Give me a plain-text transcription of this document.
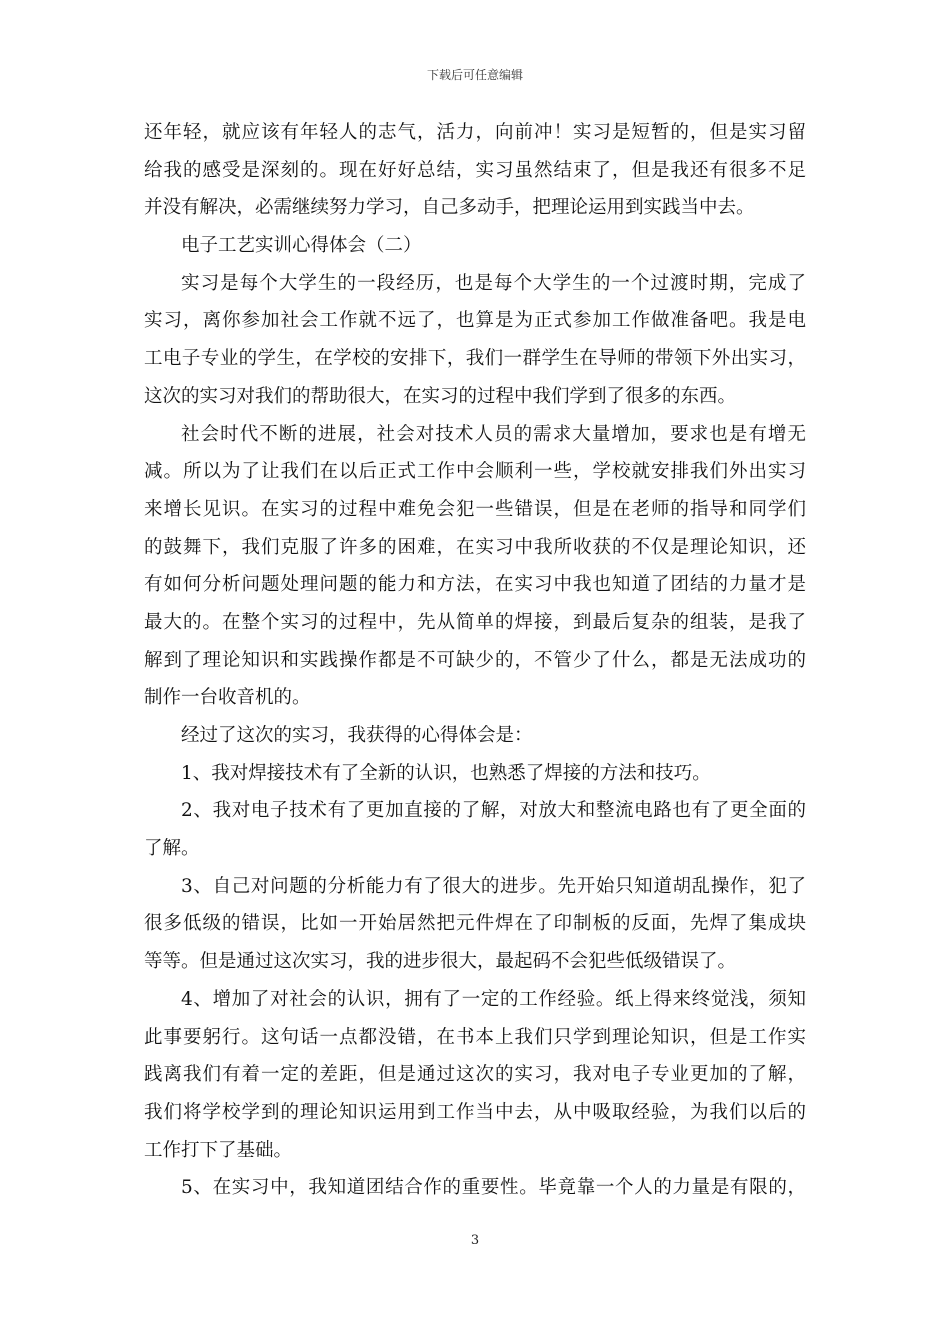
下载后可任意编辑
还年轻，就应该有年轻人的志气，活力，向前冲！实习是短暂的，但是实习留
给我的感受是深刻的。现在好好总结，实习虽然结束了，但是我还有很多不足
并没有解决，必需继续努力学习，自己多动手，把理论运用到实践当中去。
电子工艺实训心得体会（二）
实习是每个大学生的一段经历，也是每个大学生的一个过渡时期，完成了
实习，离你参加社会工作就不远了，也算是为正式参加工作做准备吧。我是电
工电子专业的学生，在学校的安排下，我们一群学生在导师的带领下外出实习，
这次的实习对我们的帮助很大，在实习的过程中我们学到了很多的东西。
社会时代不断的进展，社会对技术人员的需求大量增加，要求也是有增无
减。所以为了让我们在以后正式工作中会顺利一些，学校就安排我们外出实习
来增长见识。在实习的过程中难免会犯一些错误，但是在老师的指导和同学们
的鼓舞下，我们克服了许多的困难，在实习中我所收获的不仅是理论知识，还
有如何分析问题处理问题的能力和方法，在实习中我也知道了团结的力量才是
最大的。在整个实习的过程中，先从简单的焊接，到最后复杂的组装，是我了
解到了理论知识和实践操作都是不可缺少的，不管少了什么，都是无法成功的
制作一台收音机的。
经过了这次的实习，我获得的心得体会是：
1、我对焊接技术有了全新的认识，也熟悉了焊接的方法和技巧。
2、我对电子技术有了更加直接的了解，对放大和整流电路也有了更全面的
了解。
3、自己对问题的分析能力有了很大的进步。先开始只知道胡乱操作，犯了
很多低级的错误，比如一开始居然把元件焊在了印制板的反面，先焊了集成块
等等。但是通过这次实习，我的进步很大，最起码不会犯些低级错误了。
4、增加了对社会的认识，拥有了一定的工作经验。纸上得来终觉浅，须知
此事要躬行。这句话一点都没错，在书本上我们只学到理论知识，但是工作实
践离我们有着一定的差距，但是通过这次的实习，我对电子专业更加的了解，
我们将学校学到的理论知识运用到工作当中去，从中吸取经验，为我们以后的
工作打下了基础。
5、在实习中，我知道团结合作的重要性。毕竟靠一个人的力量是有限的，
3
